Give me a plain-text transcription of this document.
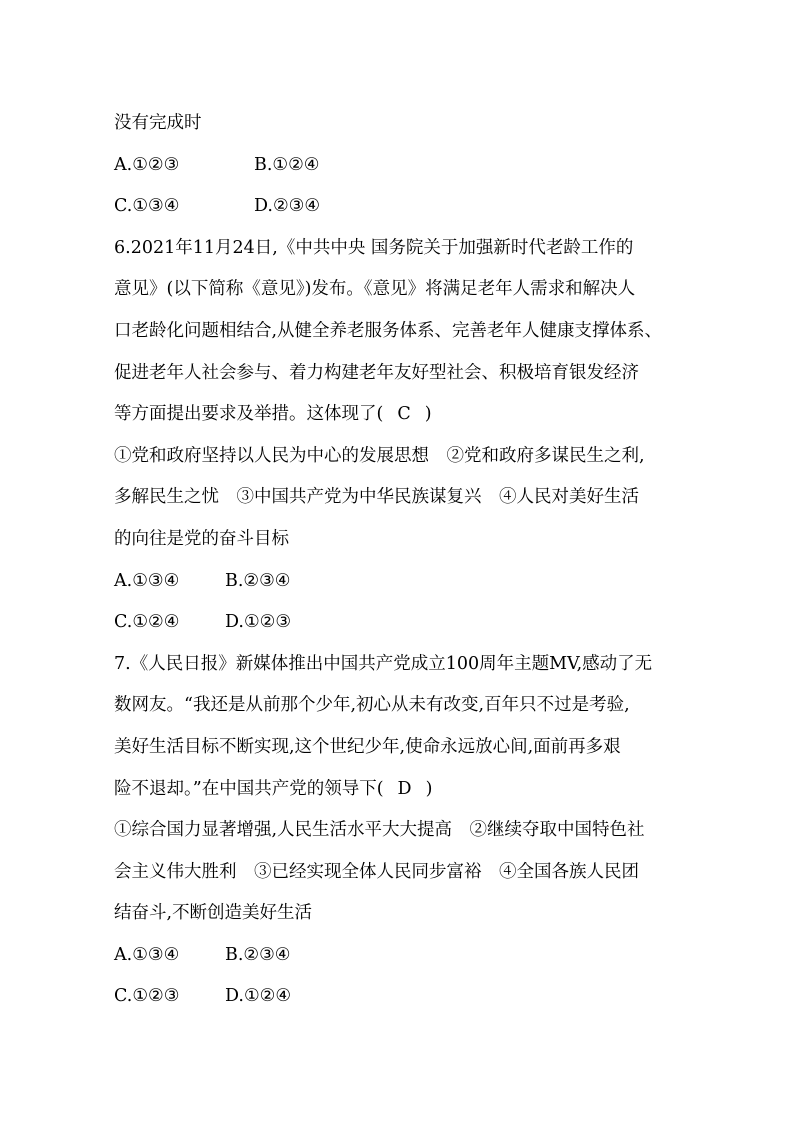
没有完成时
A.①②③	B.①②④
C.①③④	D.②③④
6.2021年11月24日,《中共中央 国务院关于加强新时代老龄工作的
意见》(以下简称《意见》)发布。《意见》将满足老年人需求和解决人
口老龄化问题相结合,从健全养老服务体系、完善老年人健康支撑体系、
促进老年人社会参与、着力构建老年友好型社会、积极培育银发经济
等方面提出要求及举措。这体现了( C )
①党和政府坚持以人民为中心的发展思想　②党和政府多谋民生之利,
多解民生之忧　③中国共产党为中华民族谋复兴　④人民对美好生活
的向往是党的奋斗目标
A.①③④	B.②③④
C.①②④	D.①②③
7.《人民日报》新媒体推出中国共产党成立100周年主题MV,感动了无
数网友。“我还是从前那个少年,初心从未有改变,百年只不过是考验,
美好生活目标不断实现,这个世纪少年,使命永远放心间,面前再多艰
险不退却。”在中国共产党的领导下( D )
①综合国力显著增强,人民生活水平大大提高　②继续夺取中国特色社
会主义伟大胜利　③已经实现全体人民同步富裕　④全国各族人民团
结奋斗,不断创造美好生活
A.①③④	B.②③④
C.①②③	D.①②④
